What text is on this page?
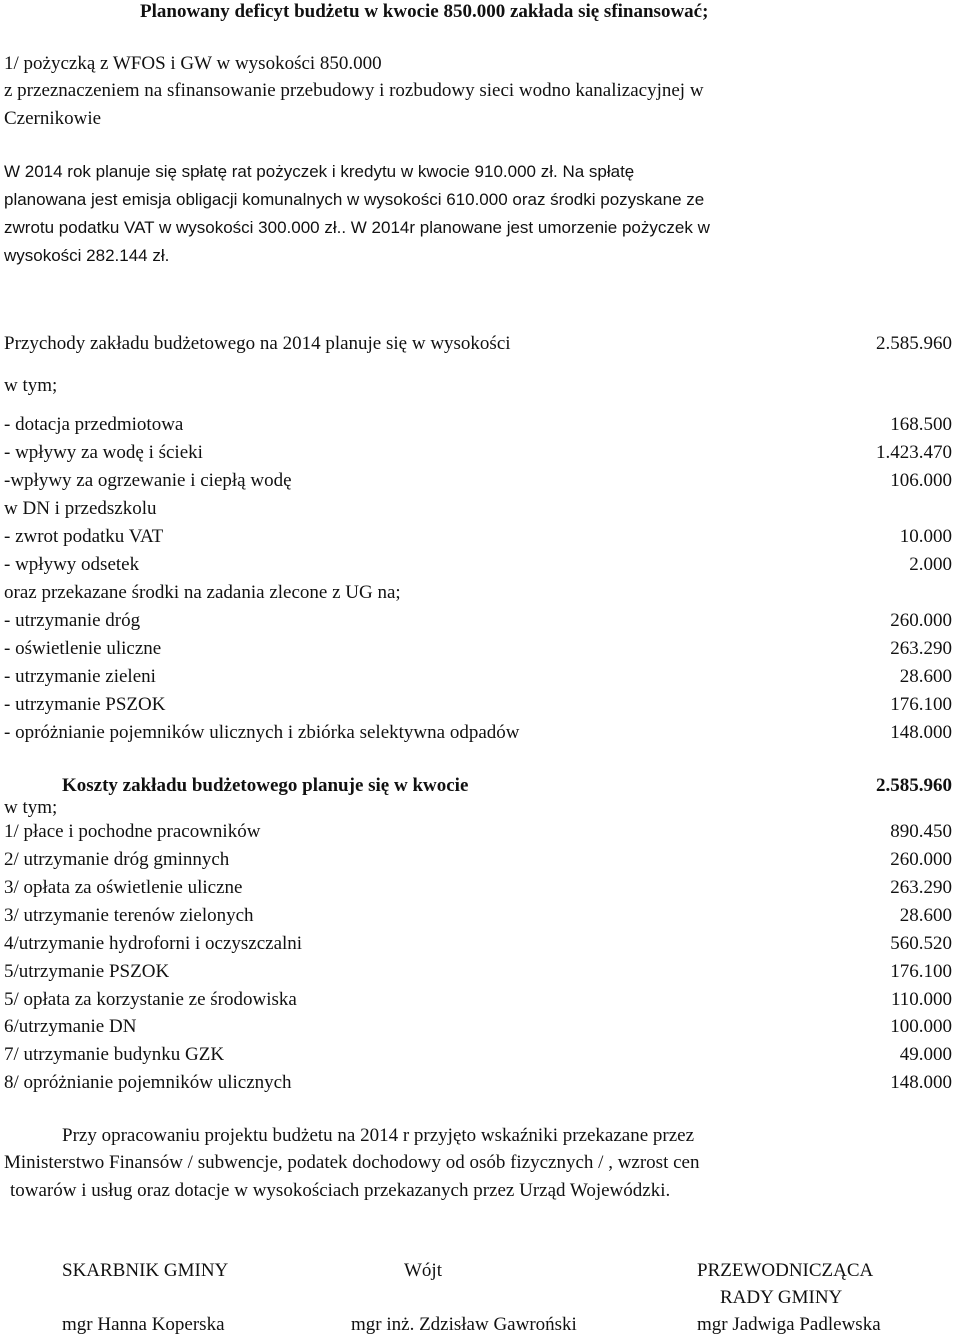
Planowany deficyt budżetu w kwocie 850.000 zakłada się sfinansować;
1/ pożyczką z WFOS i GW w wysokości 850.000
z przeznaczeniem na sfinansowanie przebudowy i rozbudowy sieci wodno kanalizacyjnej w
Czernikowie
W 2014 rok planuje się spłatę rat pożyczek i kredytu w kwocie 910.000 zł. Na spłatę
planowana jest emisja obligacji komunalnych w wysokości 610.000 oraz środki pozyskane ze
zwrotu podatku VAT w wysokości 300.000 zł.. W 2014r planowane jest umorzenie pożyczek w
wysokości 282.144 zł.
Przychody zakładu budżetowego na 2014 planuje się w wysokości	2.585.960
w tym;
- dotacja przedmiotowa	168.500
- wpływy za wodę i ścieki	1.423.470
-wpływy za ogrzewanie i ciepłą wodę	106.000
w DN i przedszkolu
- zwrot podatku VAT	10.000
- wpływy odsetek	2.000
oraz przekazane środki na zadania zlecone z UG na;
- utrzymanie dróg	260.000
- oświetlenie uliczne	263.290
- utrzymanie zieleni	28.600
- utrzymanie PSZOK	176.100
- opróżnianie pojemników ulicznych i zbiórka selektywna odpadów	148.000
Koszty zakładu budżetowego planuje się w kwocie	2.585.960
w tym;
1/ płace i pochodne pracowników	890.450
2/ utrzymanie dróg gminnych	260.000
3/ opłata za oświetlenie uliczne	263.290
3/ utrzymanie terenów zielonych	28.600
4/utrzymanie hydroforni i oczyszczalni	560.520
5/utrzymanie PSZOK	176.100
5/ opłata za korzystanie ze środowiska	110.000
6/utrzymanie DN	100.000
7/ utrzymanie budynku GZK	49.000
8/ opróżnianie pojemników ulicznych	148.000
Przy opracowaniu projektu budżetu na 2014 r przyjęto wskaźniki przekazane przez
Ministerstwo Finansów / subwencje, podatek dochodowy od osób fizycznych / , wzrost cen
towarów i usług oraz dotacje w wysokościach przekazanych przez Urząd Wojewódzki.
SKARBNIK GMINY	Wójt	PRZEWODNICZĄCA
RADY GMINY
mgr Hanna Koperska	mgr inż. Zdzisław Gawroński	mgr Jadwiga Padlewska
